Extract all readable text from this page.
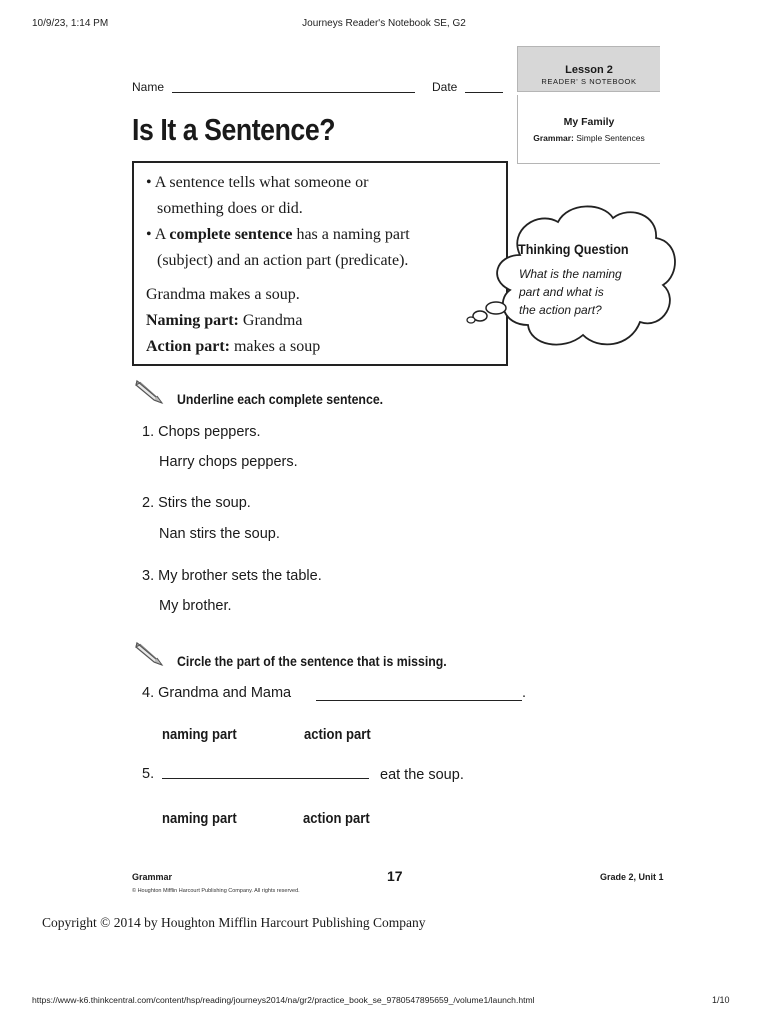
10/9/23, 1:14 PM	Journeys Reader's Notebook SE, G2
Lesson 2
READER' S NOTEBOOK
My Family
Grammar: Simple Sentences
Name	Date
Is It a Sentence?
• A sentence tells what someone or
something does or did.
• A complete sentence has a naming part
(subject) and an action part (predicate).
Grandma makes a soup.
Naming part: Grandma
Action part: makes a soup
Thinking Question
What is the naming
part and what is
the action part?
Underline each complete sentence.
1. Chops peppers.
Harry chops peppers.
2. Stirs the soup.
Nan stirs the soup.
3. My brother sets the table.
My brother.
Circle the part of the sentence that is missing.
4. Grandma and Mama	.
naming part	action part
5.	eat the soup.
naming part	action part
Grammar	17	Grade 2, Unit 1
© Houghton Mifflin Harcourt Publishing Company. All rights reserved.
Copyright © 2014 by Houghton Mifflin Harcourt Publishing Company
https://www-k6.thinkcentral.com/content/hsp/reading/journeys2014/na/gr2/practice_book_se_9780547895659_/volume1/launch.html	1/10
